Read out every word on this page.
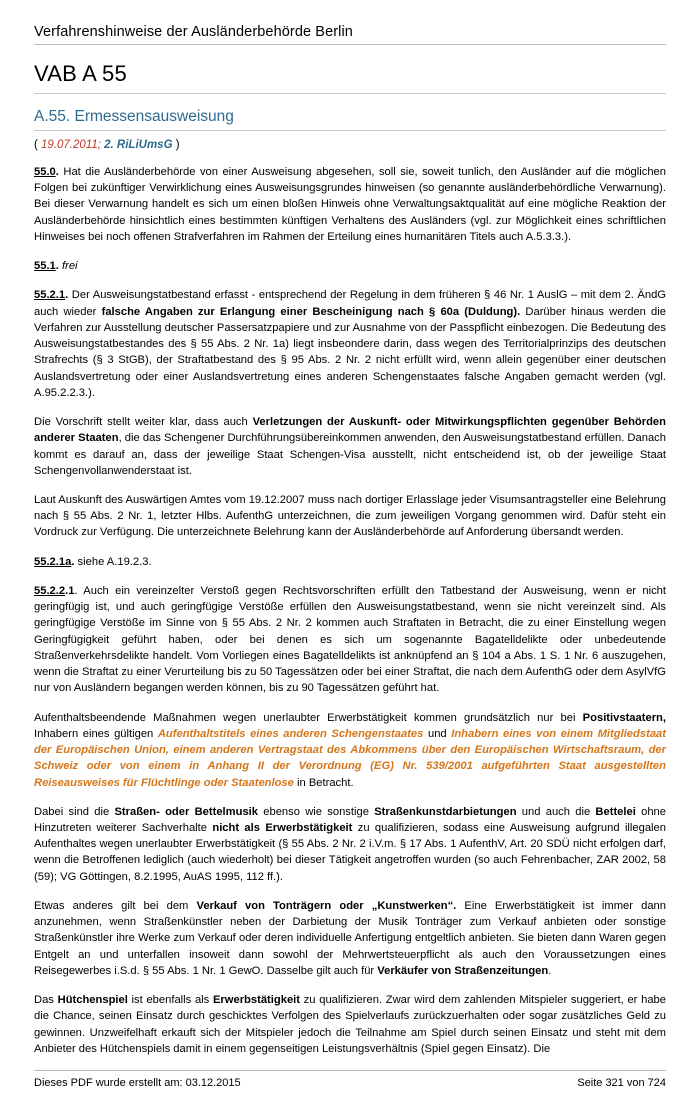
Verfahrenshinweise der Ausländerbehörde Berlin
VAB A 55
A.55. Ermessensausweisung

( 19.07.2011; 2. RiLiUmsG )

55.0. Hat die Ausländerbehörde von einer Ausweisung abgesehen, soll sie, soweit tunlich, den Ausländer auf die möglichen Folgen bei zukünftiger Verwirklichung eines Ausweisungsgrundes hinweisen (so genannte ausländerbehördliche Verwarnung). Bei dieser Verwarnung handelt es sich um einen bloßen Hinweis ohne Verwaltungsaktqualität auf eine mögliche Reaktion der Ausländerbehörde hinsichtlich eines bestimmten künftigen Verhaltens des Ausländers (vgl. zur Möglichkeit eines schriftlichen Hinweises bei noch offenen Strafverfahren im Rahmen der Erteilung eines humanitären Titels auch A.5.3.3.).

55.1. frei

55.2.1. Der Ausweisungstatbestand erfasst - entsprechend der Regelung in dem früheren § 46 Nr. 1 AuslG – mit dem 2. ÄndG auch wieder falsche Angaben zur Erlangung einer Bescheinigung nach § 60a (Duldung). Darüber hinaus werden die Verfahren zur Ausstellung deutscher Passersatzpapiere und zur Ausnahme von der Passpflicht einbezogen. Die Bedeutung des Ausweisungstatbestandes des § 55 Abs. 2 Nr. 1a) liegt insbeondere darin, dass wegen des Territorialprinzips des deutschen Strafrechts (§ 3 StGB), der Straftatbestand des § 95 Abs. 2 Nr. 2 nicht erfüllt wird, wenn allein gegenüber einer deutschen Auslandsvertretung oder einer Auslandsvertretung eines anderen Schengenstaates falsche Angaben gemacht werden (vgl. A.95.2.2.3.).

Die Vorschrift stellt weiter klar, dass auch Verletzungen der Auskunft- oder Mitwirkungspflichten gegenüber Behörden anderer Staaten, die das Schengener Durchführungsübereinkommen anwenden, den Ausweisungstatbestand erfüllen. Danach kommt es darauf an, dass der jeweilige Staat Schengen-Visa ausstellt, nicht entscheidend ist, ob der jeweilige Staat Schengenvollanwenderstaat ist.

Laut Auskunft des Auswärtigen Amtes vom 19.12.2007 muss nach dortiger Erlasslage jeder Visumsantragsteller eine Belehrung nach § 55 Abs. 2 Nr. 1, letzter Hlbs. AufenthG unterzeichnen, die zum jeweiligen Vorgang genommen wird. Dafür steht ein Vordruck zur Verfügung. Die unterzeichnete Belehrung kann der Ausländerbehörde auf Anforderung übersandt werden.

55.2.1a. siehe A.19.2.3.

55.2.2.1. Auch ein vereinzelter Verstoß gegen Rechtsvorschriften erfüllt den Tatbestand der Ausweisung, wenn er nicht geringfügig ist, und auch geringfügige Verstöße erfüllen den Ausweisungstatbestand, wenn sie nicht vereinzelt sind. Als geringfügige Verstöße im Sinne von § 55 Abs. 2 Nr. 2 kommen auch Straftaten in Betracht, die zu einer Einstellung wegen Geringfügigkeit geführt haben, oder bei denen es sich um sogenannte Bagatelldelikte oder unbedeutende Straßenverkehrsdelikte handelt. Vom Vorliegen eines Bagatelldelikts ist anknüpfend an § 104 a Abs. 1 S. 1 Nr. 6 auszugehen, wenn die Straftat zu einer Verurteilung bis zu 50 Tagessätzen oder bei einer Straftat, die nach dem AufenthG oder dem AsylVfG nur von Ausländern begangen werden können, bis zu 90 Tagessätzen geführt hat.

Aufenthaltsbeendende Maßnahmen wegen unerlaubter Erwerbstätigkeit kommen grundsätzlich nur bei Positivstaatern, Inhabern eines gültigen Aufenthaltstitels eines anderen Schengenstaates und Inhabern eines von einem Mitgliedstaat der Europäischen Union, einem anderen Vertragstaat des Abkommens über den Europäischen Wirtschaftsraum, der Schweiz oder von einem in Anhang II der Verordnung (EG) Nr. 539/2001 aufgeführten Staat ausgestellten Reiseausweises für Flüchtlinge oder Staatenlose in Betracht.

Dabei sind die Straßen- oder Bettelmusik ebenso wie sonstige Straßenkunstdarbietungen und auch die Bettelei ohne Hinzutreten weiterer Sachverhalte nicht als Erwerbstätigkeit zu qualifizieren, sodass eine Ausweisung aufgrund illegalen Aufenthaltes wegen unerlaubter Erwerbstätigkeit (§ 55 Abs. 2 Nr. 2 i.V.m. § 17 Abs. 1 AufenthV, Art. 20 SDÜ nicht erfolgen darf, wenn die Betroffenen lediglich (auch wiederholt) bei dieser Tätigkeit angetroffen wurden (so auch Fehrenbacher, ZAR 2002, 58 (59); VG Göttingen, 8.2.1995, AuAS 1995, 112 ff.).

Etwas anderes gilt bei dem Verkauf von Tonträgern oder „Kunstwerken“. Eine Erwerbstätigkeit ist immer dann anzunehmen, wenn Straßenkünstler neben der Darbietung der Musik Tonträger zum Verkauf anbieten oder sonstige Straßenkünstler ihre Werke zum Verkauf oder deren individuelle Anfertigung entgeltlich anbieten. Sie bieten dann Waren gegen Entgelt an und unterfallen insoweit dann sowohl der Mehrwertsteuerpflicht als auch den Voraussetzungen eines Reisegewerbes i.S.d. § 55 Abs. 1 Nr. 1 GewO. Dasselbe gilt auch für Verkäufer von Straßenzeitungen.

Das Hütchenspiel ist ebenfalls als Erwerbstätigkeit zu qualifizieren. Zwar wird dem zahlenden Mitspieler suggeriert, er habe die Chance, seinen Einsatz durch geschicktes Verfolgen des Spielverlaufs zurückzuerhalten oder sogar zusätzliches Geld zu gewinnen. Unzweifelhaft erkauft sich der Mitspieler jedoch die Teilnahme am Spiel durch seinen Einsatz und steht mit dem Anbieter des Hütchenspiels damit in einem gegenseitigen Leistungsverhältnis (Spiel gegen Einsatz). Die

Dieses PDF wurde erstellt am: 03.12.2015	Seite 321 von 724
